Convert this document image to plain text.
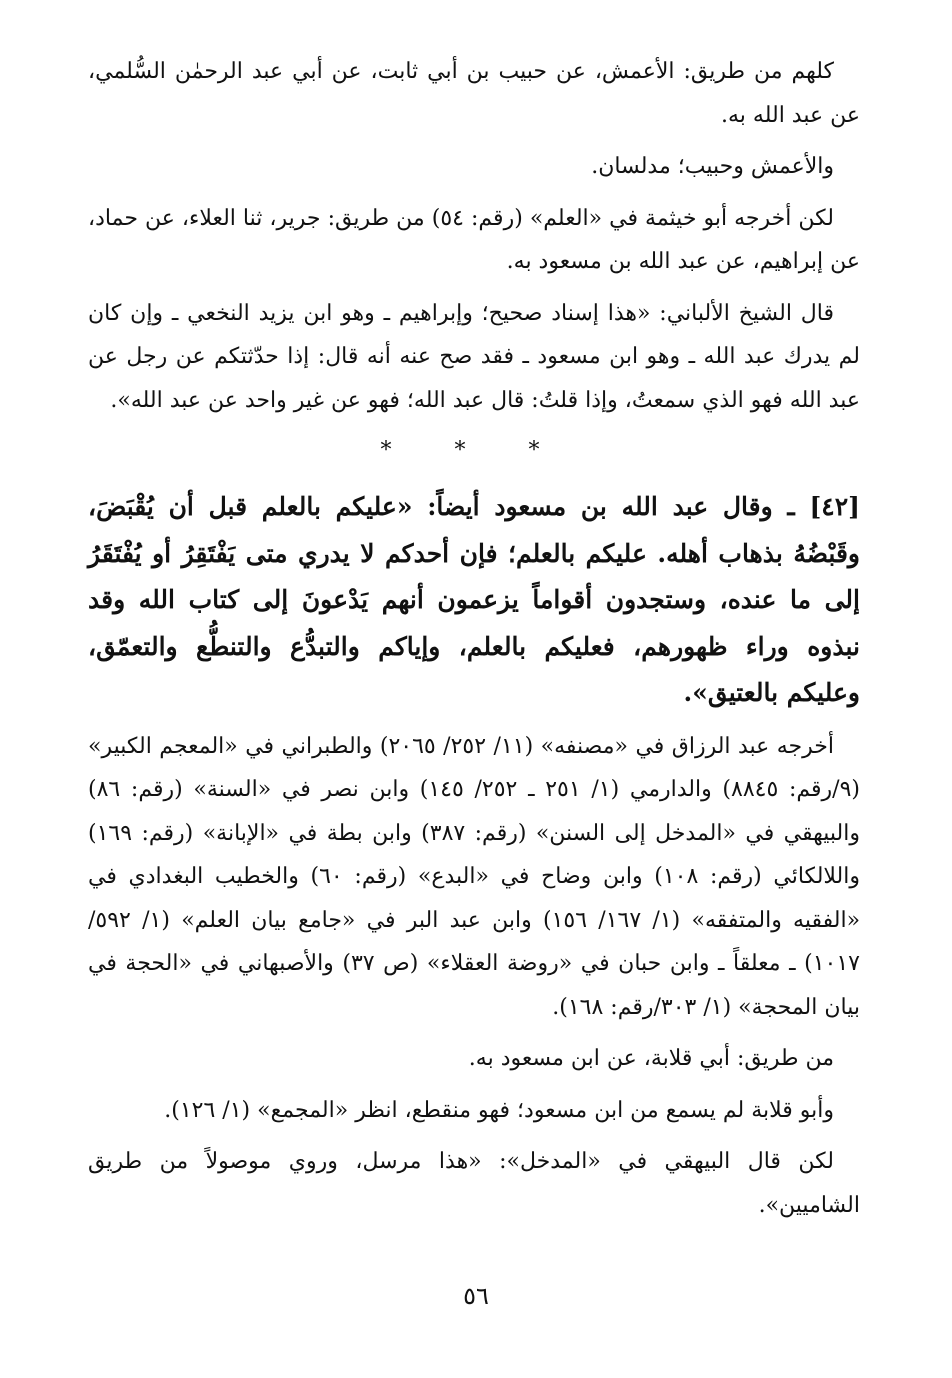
كلهم من طريق: الأعمش، عن حبيب بن أبي ثابت، عن أبي عبد الرحمٰن السُّلمي، عن عبد الله به.

والأعمش وحبيب؛ مدلسان.

لكن أخرجه أبو خيثمة في «العلم» (رقم: ٥٤) من طريق: جرير، ثنا العلاء، عن حماد، عن إبراهيم، عن عبد الله بن مسعود به.

قال الشيخ الألباني: «هذا إسناد صحيح؛ وإبراهيم ـ وهو ابن يزيد النخعي ـ وإن كان لم يدرك عبد الله ـ وهو ابن مسعود ـ فقد صح عنه أنه قال: إذا حدّثتكم عن رجل عن عبد الله فهو الذي سمعتُ، وإذا قلتُ: قال عبد الله؛ فهو عن غير واحد عن عبد الله».

* * *

[٤٢] ـ وقال عبد الله بن مسعود أيضاً: «عليكم بالعلم قبل أن يُقْبَضَ، وقَبْضُهُ بذهاب أهله. عليكم بالعلم؛ فإن أحدكم لا يدري متى يَفْتَقِرُ أو يُفْتَقَرُ إلى ما عنده، وستجدون أقواماً يزعمون أنهم يَدْعونَ إلى كتاب الله وقد نبذوه وراء ظهورهم، فعليكم بالعلم، وإياكم والتبدُّع والتنطُّع والتعمّق، وعليكم بالعتيق».

أخرجه عبد الرزاق في «مصنفه» (١١/ ٢٥٢/ ٢٠٦٥) والطبراني في «المعجم الكبير» (٩/رقم: ٨٨٤٥) والدارمي (١/ ٢٥١ ـ ٢٥٢/ ١٤٥) وابن نصر في «السنة» (رقم: ٨٦) والبيهقي في «المدخل إلى السنن» (رقم: ٣٨٧) وابن بطة في «الإبانة» (رقم: ١٦٩) واللالكائي (رقم: ١٠٨) وابن وضاح في «البدع» (رقم: ٦٠) والخطيب البغدادي في «الفقيه والمتفقه» (١/ ١٦٧/ ١٥٦) وابن عبد البر في «جامع بيان العلم» (١/ ٥٩٢/ ١٠١٧) ـ معلقاً ـ وابن حبان في «روضة العقلاء» (ص ٣٧) والأصبهاني في «الحجة في بيان المحجة» (١/ ٣٠٣/رقم: ١٦٨).

من طريق: أبي قلابة، عن ابن مسعود به.

وأبو قلابة لم يسمع من ابن مسعود؛ فهو منقطع، انظر «المجمع» (١/ ١٢٦).

لكن قال البيهقي في «المدخل»: «هذا مرسل، وروي موصولاً من طريق الشاميين».

٥٦
